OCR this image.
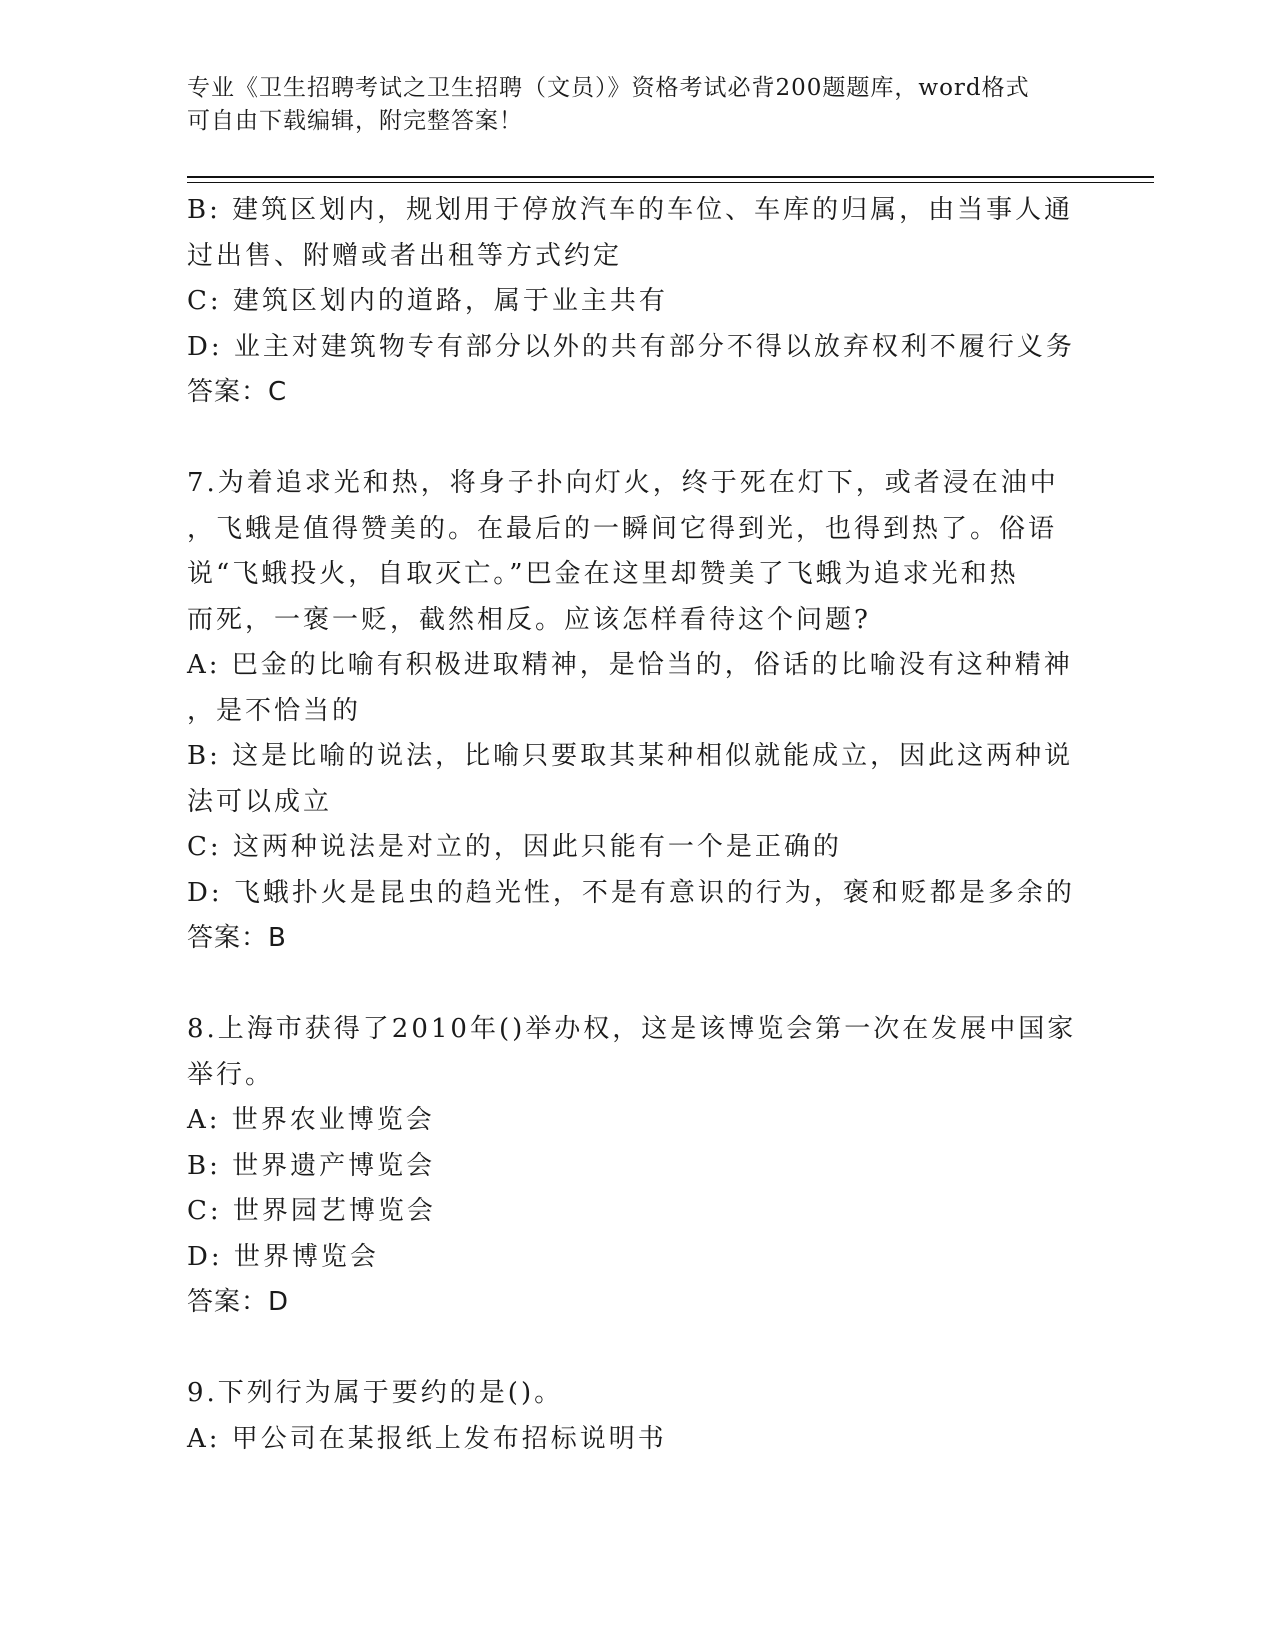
专业《卫生招聘考试之卫生招聘（文员）》资格考试必背200题题库，word格式
可自由下载编辑，附完整答案！
B: 建筑区划内，规划用于停放汽车的车位、车库的归属，由当事人通
过出售、附赠或者出租等方式约定
C: 建筑区划内的道路，属于业主共有
D: 业主对建筑物专有部分以外的共有部分不得以放弃权利不履行义务
答案：C
7.为着追求光和热，将身子扑向灯火，终于死在灯下，或者浸在油中
，飞蛾是值得赞美的。在最后的一瞬间它得到光，也得到热了。俗语
说“飞蛾投火，自取灭亡。”巴金在这里却赞美了飞蛾为追求光和热
而死，一褒一贬，截然相反。应该怎样看待这个问题?
A: 巴金的比喻有积极进取精神，是恰当的，俗话的比喻没有这种精神
，是不恰当的
B: 这是比喻的说法，比喻只要取其某种相似就能成立，因此这两种说
法可以成立
C: 这两种说法是对立的，因此只能有一个是正确的
D: 飞蛾扑火是昆虫的趋光性，不是有意识的行为，褒和贬都是多余的
答案：B
8.上海市获得了2010年()举办权，这是该博览会第一次在发展中国家
举行。
A: 世界农业博览会
B: 世界遗产博览会
C: 世界园艺博览会
D: 世界博览会
答案：D
9.下列行为属于要约的是()。
A: 甲公司在某报纸上发布招标说明书
